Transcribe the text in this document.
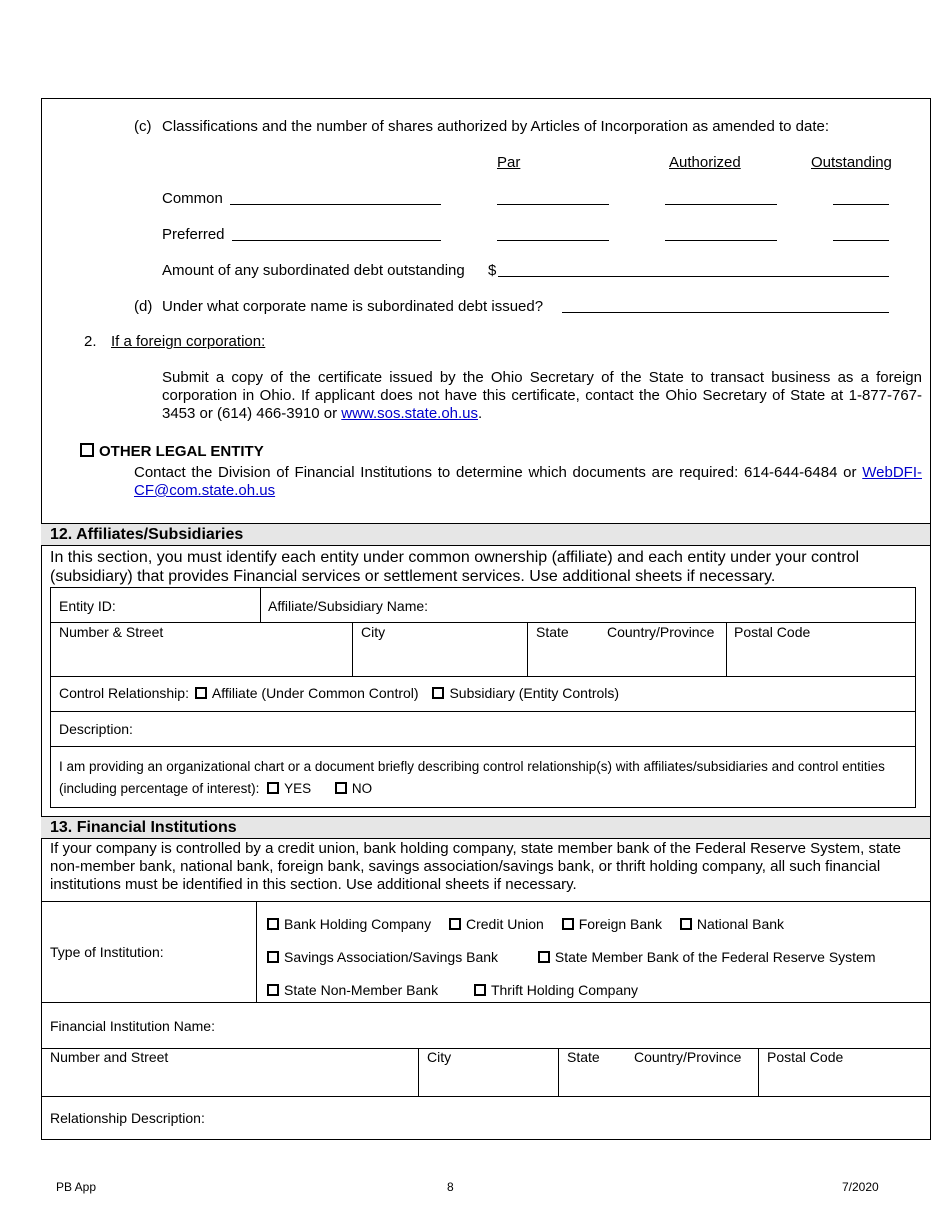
(c) Classifications and the number of shares authorized by Articles of Incorporation as amended to date:
Par	Authorized	Outstanding
Common
Preferred
Amount of any subordinated debt outstanding $
(d) Under what corporate name is subordinated debt issued?
2. If a foreign corporation:
Submit a copy of the certificate issued by the Ohio Secretary of the State to transact business as a foreign corporation in Ohio. If applicant does not have this certificate, contact the Ohio Secretary of State at 1-877-767-3453 or (614) 466-3910 or www.sos.state.oh.us.
OTHER LEGAL ENTITY
Contact the Division of Financial Institutions to determine which documents are required: 614-644-6484 or WebDFI-CF@com.state.oh.us
12. Affiliates/Subsidiaries
In this section, you must identify each entity under common ownership (affiliate) and each entity under your control (subsidiary) that provides Financial services or settlement services. Use additional sheets if necessary.
Entity ID:	Affiliate/Subsidiary Name:
Number & Street	City	State	Country/Province Postal Code
Control Relationship: Affiliate (Under Common Control) Subsidiary (Entity Controls)
Description:
I am providing an organizational chart or a document briefly describing control relationship(s) with affiliates/subsidiaries and control entities (including percentage of interest): YES	NO
13. Financial Institutions
If your company is controlled by a credit union, bank holding company, state member bank of the Federal Reserve System, state non-member bank, national bank, foreign bank, savings association/savings bank, or thrift holding company, all such financial institutions must be identified in this section. Use additional sheets if necessary.
Type of Institution:
Bank Holding Company Credit Union Foreign Bank National Bank
Savings Association/Savings Bank	State Member Bank of the Federal Reserve System
State Non-Member Bank	Thrift Holding Company
Financial Institution Name:
Number and Street	City	State Country/Province Postal Code
Relationship Description:
PB App	8	7/2020
